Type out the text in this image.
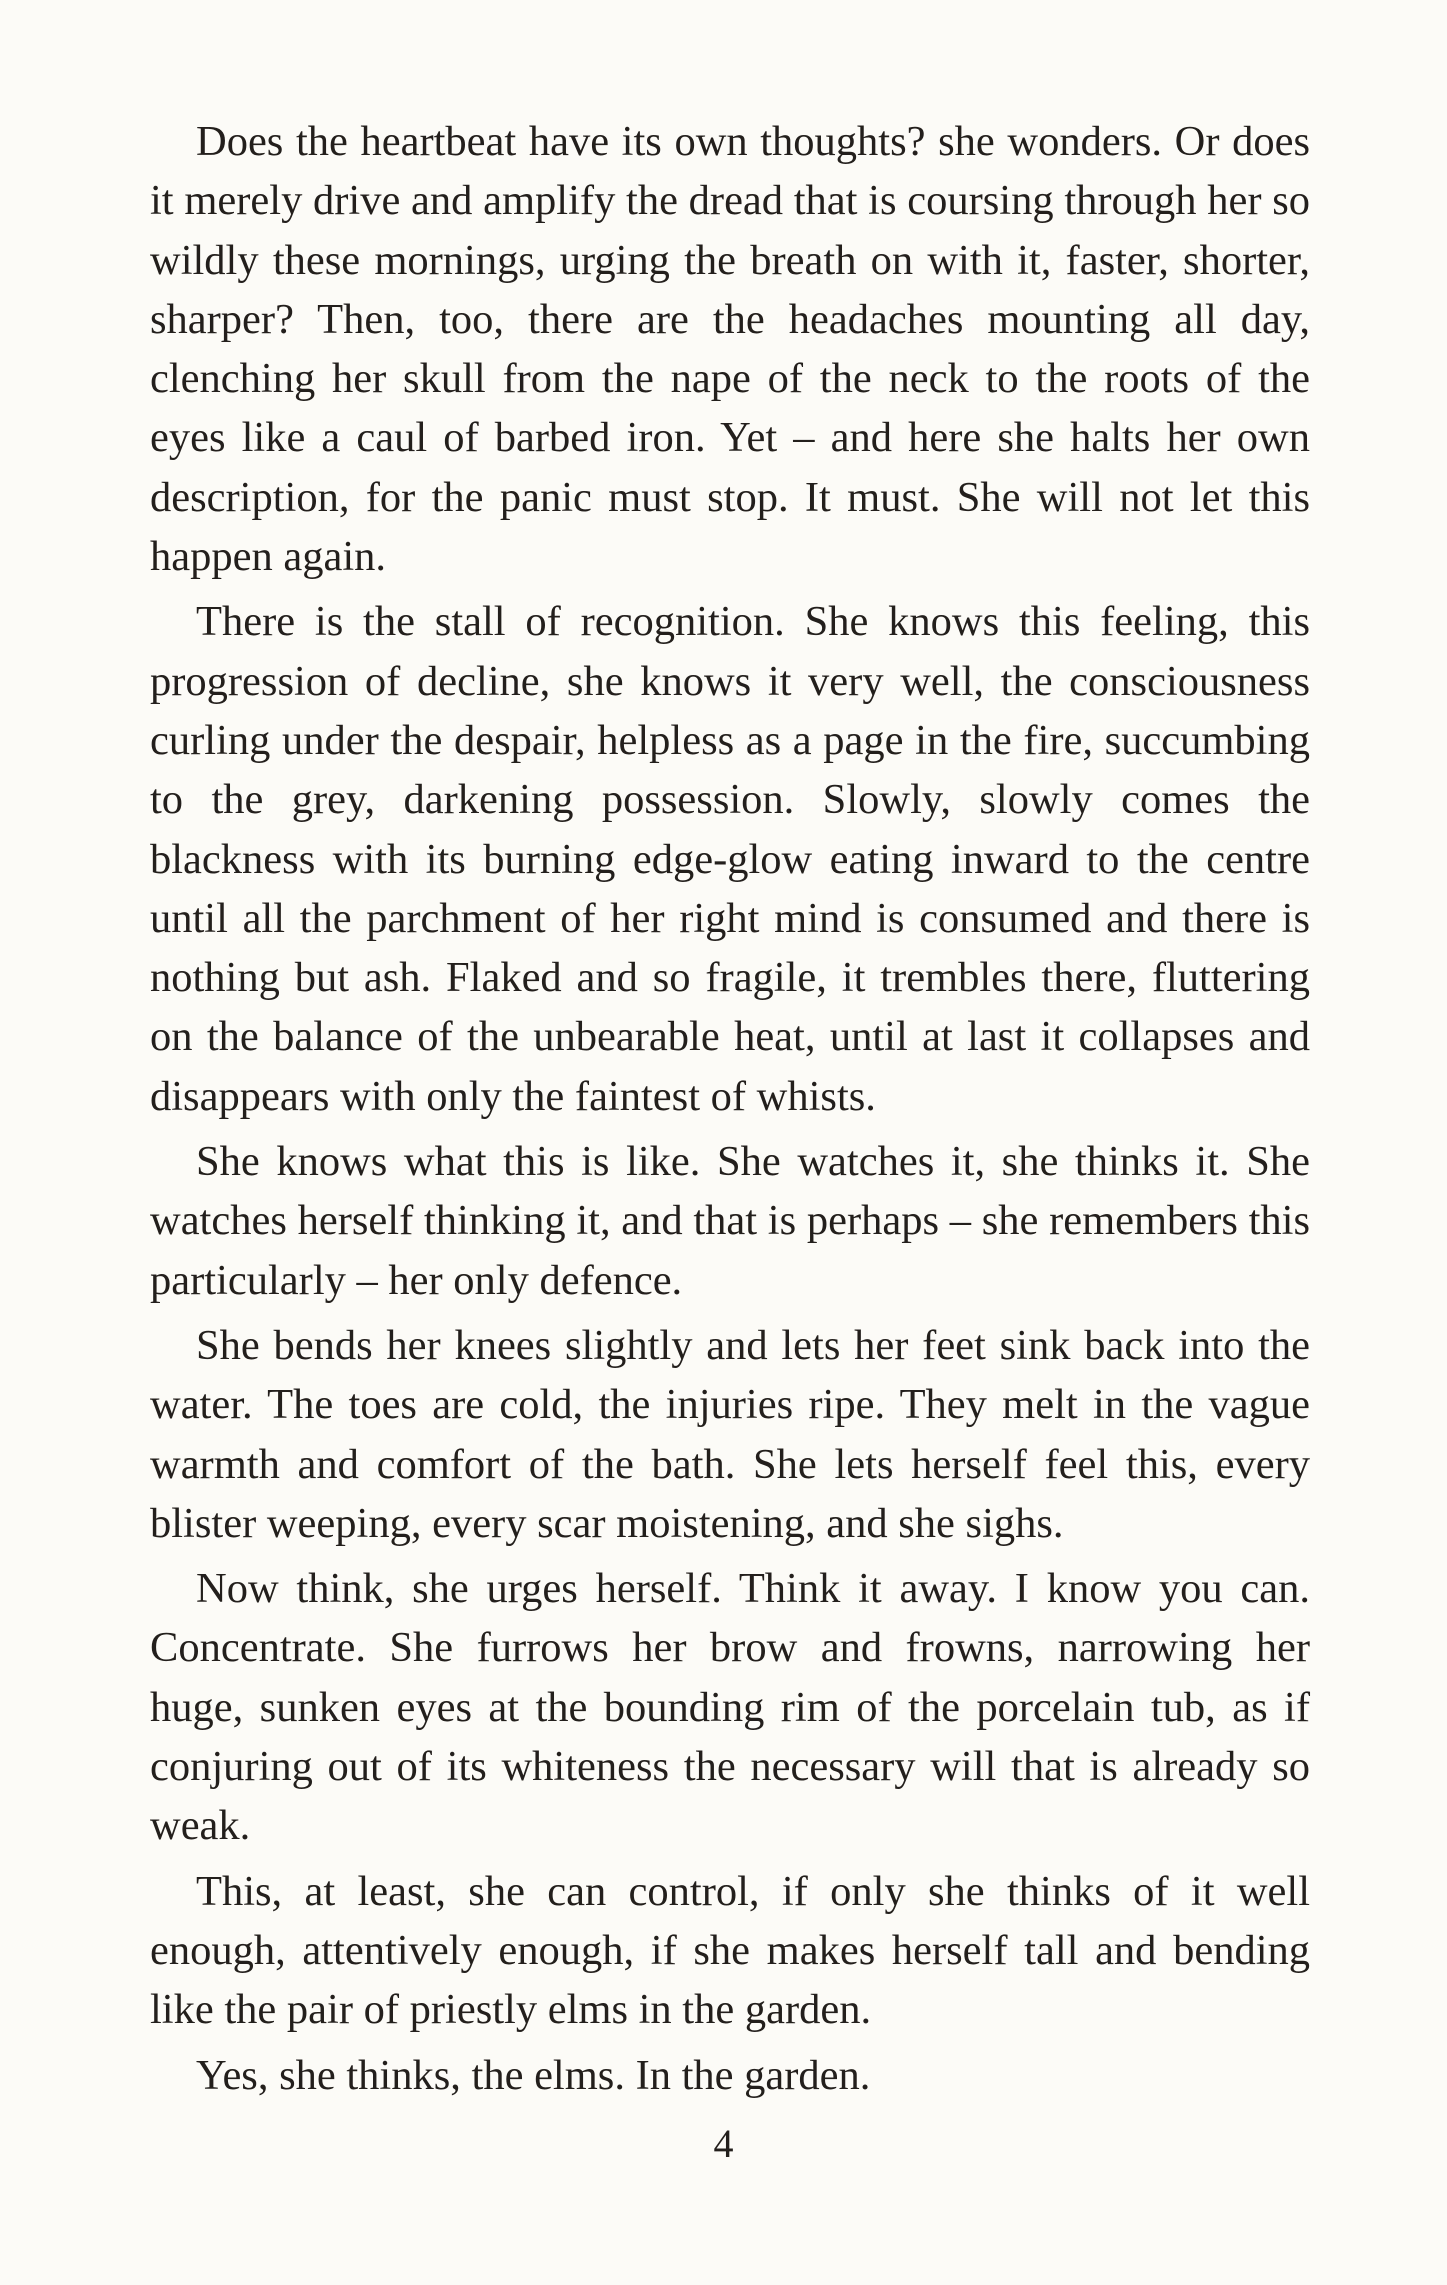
Does the heartbeat have its own thoughts? she wonders. Or does it merely drive and amplify the dread that is coursing through her so wildly these mornings, urging the breath on with it, faster, shorter, sharper? Then, too, there are the headaches mounting all day, clenching her skull from the nape of the neck to the roots of the eyes like a caul of barbed iron. Yet – and here she halts her own description, for the panic must stop. It must. She will not let this happen again.

There is the stall of recognition. She knows this feeling, this progression of decline, she knows it very well, the consciousness curling under the despair, helpless as a page in the fire, succumbing to the grey, darkening possession. Slowly, slowly comes the blackness with its burning edge-glow eating inward to the centre until all the parchment of her right mind is consumed and there is nothing but ash. Flaked and so fragile, it trembles there, fluttering on the balance of the unbearable heat, until at last it collapses and disappears with only the faintest of whists.

She knows what this is like. She watches it, she thinks it. She watches herself thinking it, and that is perhaps – she remembers this particularly – her only defence.

She bends her knees slightly and lets her feet sink back into the water. The toes are cold, the injuries ripe. They melt in the vague warmth and comfort of the bath. She lets herself feel this, every blister weeping, every scar moistening, and she sighs.

Now think, she urges herself. Think it away. I know you can. Concentrate. She furrows her brow and frowns, narrowing her huge, sunken eyes at the bounding rim of the porcelain tub, as if conjuring out of its whiteness the necessary will that is already so weak.

This, at least, she can control, if only she thinks of it well enough, attentively enough, if she makes herself tall and bending like the pair of priestly elms in the garden.

Yes, she thinks, the elms. In the garden.

4
